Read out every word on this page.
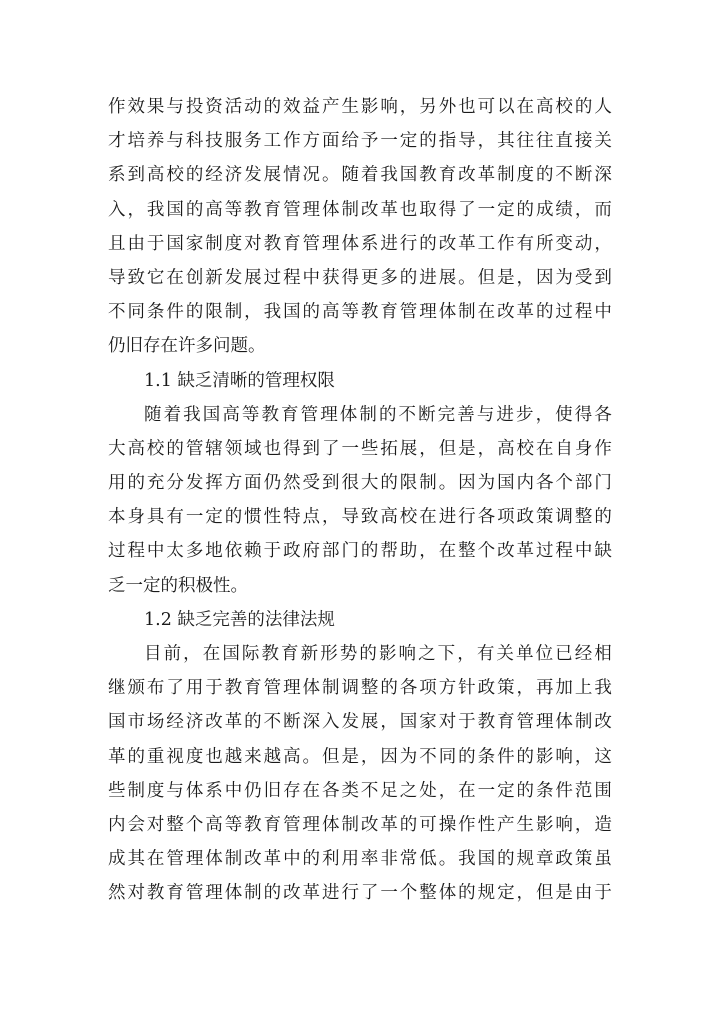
作 效 果 与 投 资 活 动 的 效 益 产 生 影 响 ， 另 外 也 可 以 在 高 校 的 人
才 培 养 与 科 技 服 务 工 作 方 面 给 予 一 定 的 指 导 ， 其 往 往 直 接 关
系 到 高 校 的 经 济 发 展 情 况 。 随 着 我 国 教 育 改 革 制 度 的 不 断 深
入 ， 我 国 的 高 等 教 育 管 理 体 制 改 革 也 取 得 了 一 定 的 成 绩 ， 而
且 由 于 国 家 制 度 对 教 育 管 理 体 系 进 行 的 改 革 工 作 有 所 变 动 ，
导 致 它 在 创 新 发 展 过 程 中 获 得 更 多 的 进 展 。 但 是 ， 因 为 受 到
不 同 条 件 的 限 制 ， 我 国 的 高 等 教 育 管 理 体 制 在 改 革 的 过 程 中
仍旧存在许多问题。
1.1 缺乏清晰的管理权限
随 着 我 国 高 等 教 育 管 理 体 制 的 不 断 完 善 与 进 步 ， 使 得 各
大 高 校 的 管 辖 领 域 也 得 到 了 一 些 拓 展 ， 但 是 ， 高 校 在 自 身 作
用 的 充 分 发 挥 方 面 仍 然 受 到 很 大 的 限 制 。 因 为 国 内 各 个 部 门
本 身 具 有 一 定 的 惯 性 特 点 ， 导 致 高 校 在 进 行 各 项 政 策 调 整 的
过 程 中 太 多 地 依 赖 于 政 府 部 门 的 帮 助 ， 在 整 个 改 革 过 程 中 缺
乏一定的积极性。
1.2 缺乏完善的法律法规
目 前 ， 在 国 际 教 育 新 形 势 的 影 响 之 下 ， 有 关 单 位 已 经 相
继 颁 布 了 用 于 教 育 管 理 体 制 调 整 的 各 项 方 针 政 策 ， 再 加 上 我
国 市 场 经 济 改 革 的 不 断 深 入 发 展 ， 国 家 对 于 教 育 管 理 体 制 改
革 的 重 视 度 也 越 来 越 高 。 但 是 ， 因 为 不 同 的 条 件 的 影 响 ， 这
些 制 度 与 体 系 中 仍 旧 存 在 各 类 不 足 之 处 ， 在 一 定 的 条 件 范 围
内 会 对 整 个 高 等 教 育 管 理 体 制 改 革 的 可 操 作 性 产 生 影 响 ， 造
成 其 在 管 理 体 制 改 革 中 的 利 用 率 非 常 低 。 我 国 的 规 章 政 策 虽
然 对 教 育 管 理 体 制 的 改 革 进 行 了 一 个 整 体 的 规 定 ， 但 是 由 于
